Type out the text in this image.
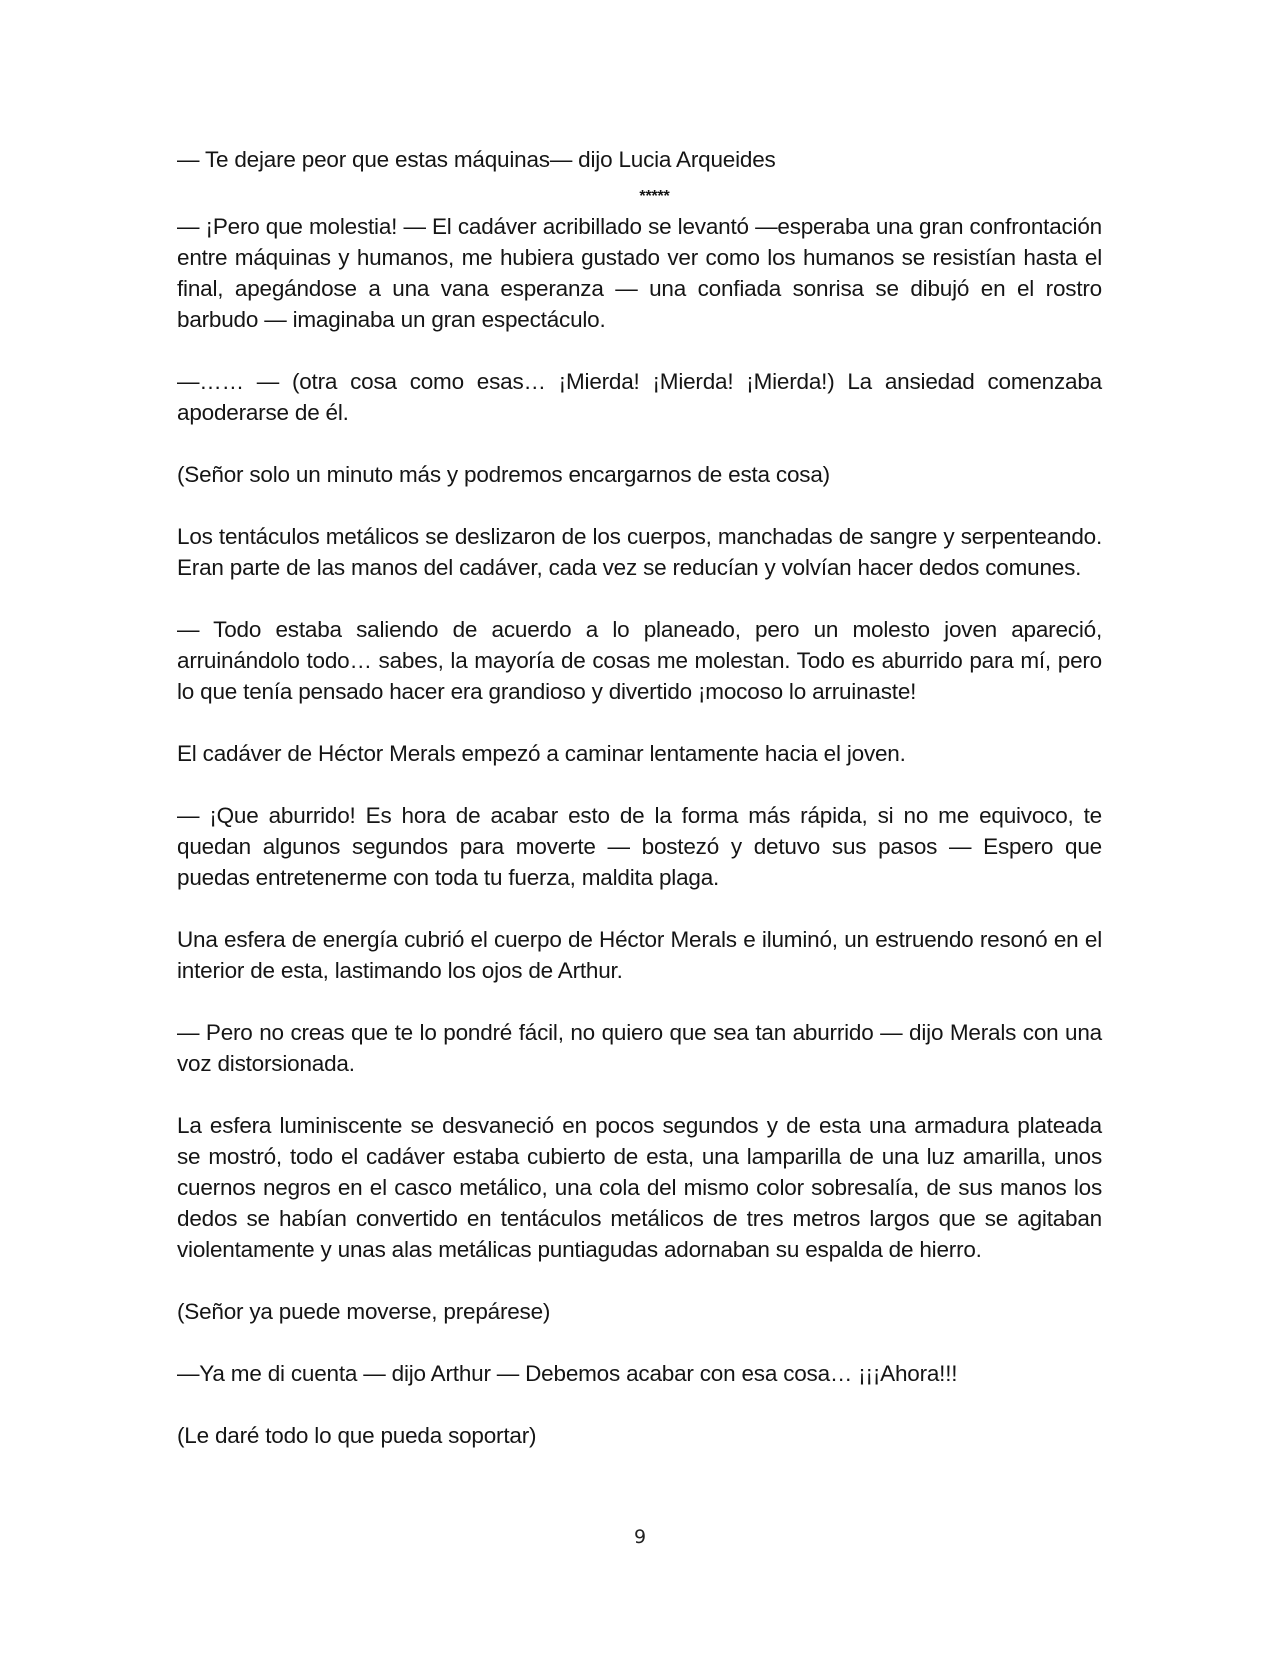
— Te dejare peor que estas máquinas— dijo Lucia Arqueides

*****

— ¡Pero que molestia! — El cadáver acribillado se levantó —esperaba una gran confrontación entre máquinas y humanos, me hubiera gustado ver como los humanos se resistían hasta el final, apegándose a una vana esperanza — una confiada sonrisa se dibujó en el rostro barbudo — imaginaba un gran espectáculo.

—…… — (otra cosa como esas… ¡Mierda! ¡Mierda! ¡Mierda!) La ansiedad comenzaba apoderarse de él.

(Señor solo un minuto más y podremos encargarnos de esta cosa)

Los tentáculos metálicos se deslizaron de los cuerpos, manchadas de sangre y serpenteando. Eran parte de las manos del cadáver, cada vez se reducían y volvían hacer dedos comunes.

— Todo estaba saliendo de acuerdo a lo planeado, pero un molesto joven apareció, arruinándolo todo… sabes, la mayoría de cosas me molestan. Todo es aburrido para mí, pero lo que tenía pensado hacer era grandioso y divertido ¡mocoso lo arruinaste!

El cadáver de Héctor Merals empezó a caminar lentamente hacia el joven.

— ¡Que aburrido! Es hora de acabar esto de la forma más rápida, si no me equivoco, te quedan algunos segundos para moverte — bostezó y detuvo sus pasos — Espero que puedas entretenerme con toda tu fuerza, maldita plaga.

Una esfera de energía cubrió el cuerpo de Héctor Merals e iluminó, un estruendo resonó en el interior de esta, lastimando los ojos de Arthur.

— Pero no creas que te lo pondré fácil, no quiero que sea tan aburrido — dijo Merals con una voz distorsionada.

La esfera luminiscente se desvaneció en pocos segundos y de esta una armadura plateada se mostró, todo el cadáver estaba cubierto de esta, una lamparilla de una luz amarilla, unos cuernos negros en el casco metálico, una cola del mismo color sobresalía, de sus manos los dedos se habían convertido en tentáculos metálicos de tres metros largos que se agitaban violentamente y unas alas metálicas puntiagudas adornaban su espalda de hierro.

(Señor ya puede moverse, prepárese)

—Ya me di cuenta — dijo Arthur — Debemos acabar con esa cosa… ¡¡¡Ahora!!!

(Le daré todo lo que pueda soportar)

9
